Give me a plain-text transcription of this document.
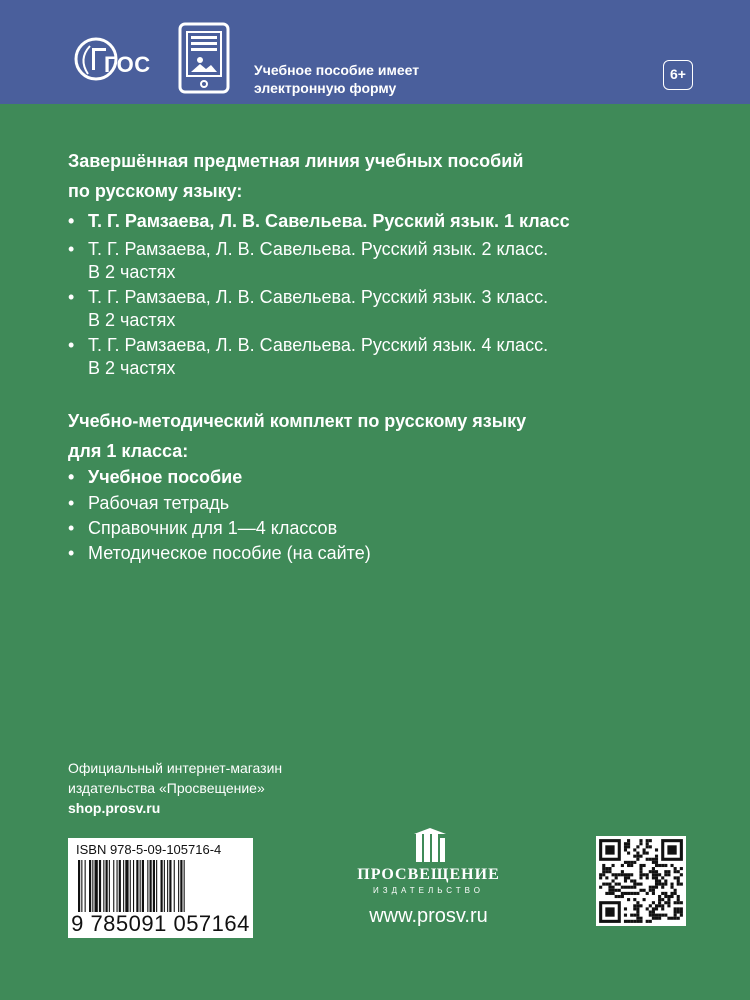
ГОС	Учебное пособие имеет
электронную форму
6+
Завершённая предметная линия учебных пособий
по русскому языку:
• Т. Г. Рамзаева, Л. В. Савельева. Русский язык. 1 класс
• Т. Г. Рамзаева, Л. В. Савельева. Русский язык. 2 класс.
В 2 частях
• Т. Г. Рамзаева, Л. В. Савельева. Русский язык. 3 класс.
В 2 частях
• Т. Г. Рамзаева, Л. В. Савельева. Русский язык. 4 класс.
В 2 частях
Учебно-методический комплект по русскому языку
для 1 класса:
• Учебное пособие
• Рабочая тетрадь
• Справочник для 1—4 классов
• Методическое пособие (на сайте)
Официальный интернет-магазин
издательства «Просвещение»
shop.prosv.ru
ISBN 978-5-09-105716-4
9 785091 057164
ПРОСВЕЩЕНИЕ
ИЗДАТЕЛЬСТВО
www.prosv.ru
